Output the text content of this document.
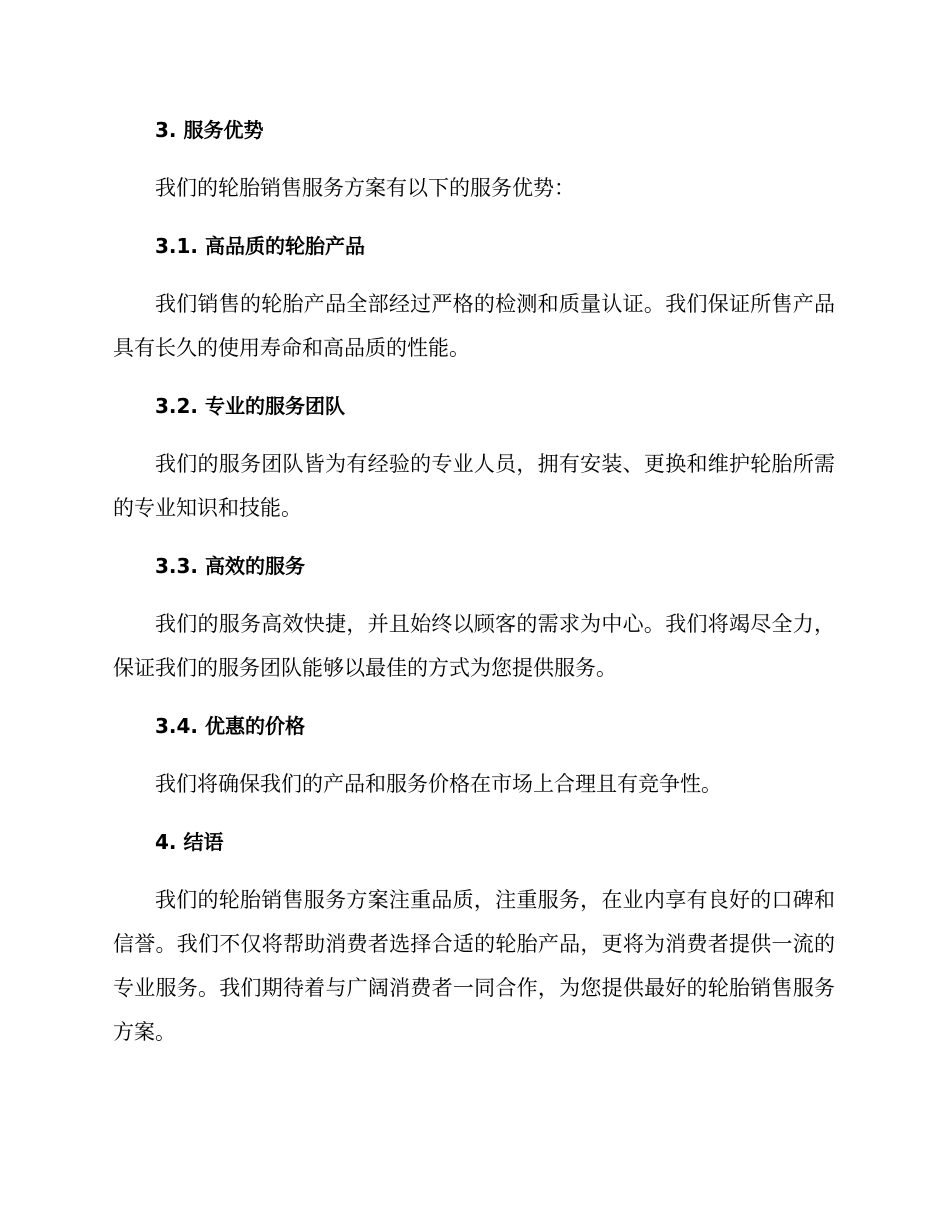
3. 服务优势

我们的轮胎销售服务方案有以下的服务优势：

3.1. 高品质的轮胎产品

我们销售的轮胎产品全部经过严格的检测和质量认证。我们保证所售产品具有长久的使用寿命和高品质的性能。

3.2. 专业的服务团队

我们的服务团队皆为有经验的专业人员，拥有安装、更换和维护轮胎所需的专业知识和技能。

3.3. 高效的服务

我们的服务高效快捷，并且始终以顾客的需求为中心。我们将竭尽全力，保证我们的服务团队能够以最佳的方式为您提供服务。

3.4. 优惠的价格

我们将确保我们的产品和服务价格在市场上合理且有竞争性。

4. 结语

我们的轮胎销售服务方案注重品质，注重服务，在业内享有良好的口碑和信誉。我们不仅将帮助消费者选择合适的轮胎产品，更将为消费者提供一流的专业服务。我们期待着与广阔消费者一同合作，为您提供最好的轮胎销售服务方案。
